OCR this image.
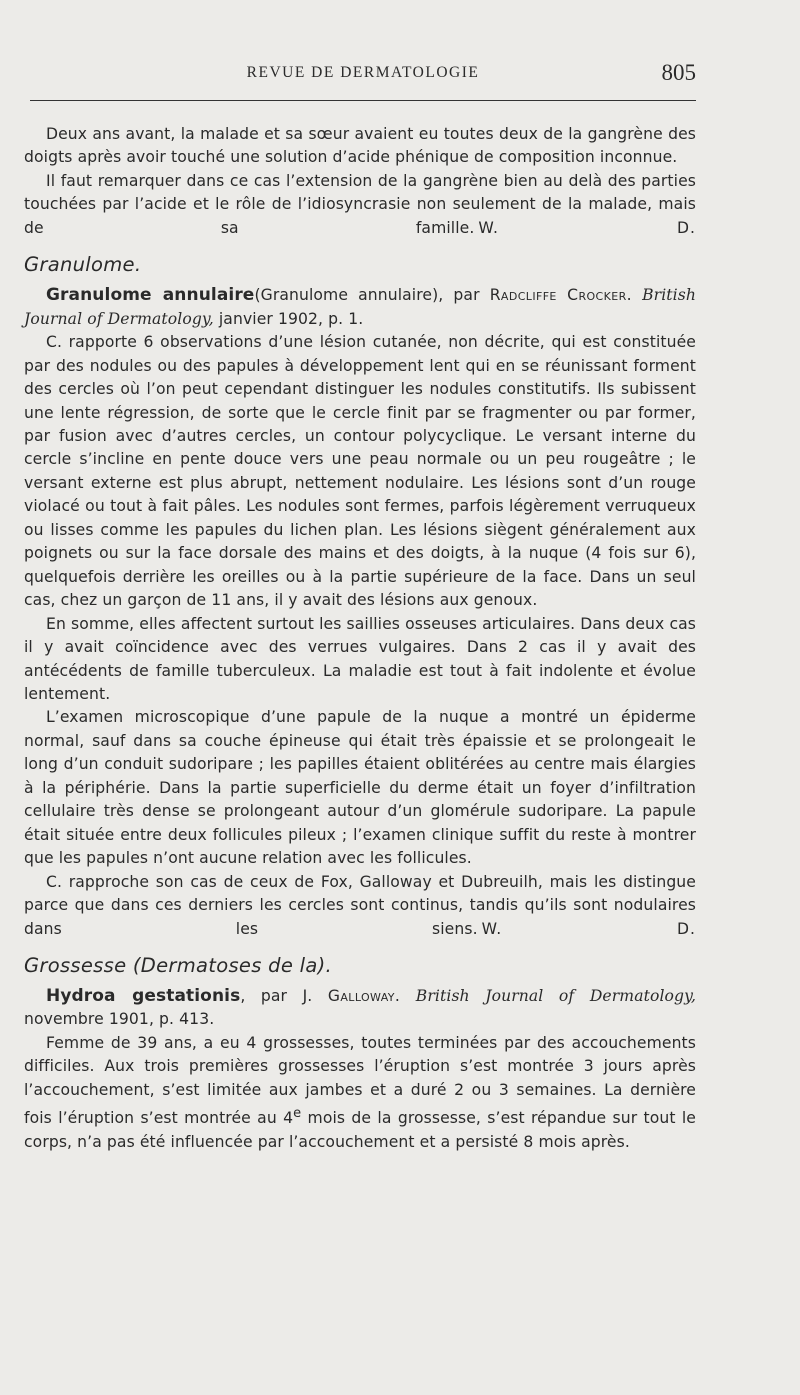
REVUE DE DERMATOLOGIE	805

Deux ans avant, la malade et sa sœur avaient eu toutes deux de la gangrène des doigts après avoir touché une solution d’acide phénique de composition inconnue.

Il faut remarquer dans ce cas l’extension de la gangrène bien au delà des parties touchées par l’acide et le rôle de l’idiosyncrasie non seulement de la malade, mais de sa famille. W. D.

Granulome.

Granulome annulaire(Granulome annulaire), par Radcliffe Crocker. British Journal of Dermatology, janvier 1902, p. 1.

C. rapporte 6 observations d’une lésion cutanée, non décrite, qui est constituée par des nodules ou des papules à développement lent qui en se réunissant forment des cercles où l’on peut cependant distinguer les nodules constitutifs. Ils subissent une lente régression, de sorte que le cercle finit par se fragmenter ou par former, par fusion avec d’autres cercles, un contour polycyclique. Le versant interne du cercle s’incline en pente douce vers une peau normale ou un peu rougeâtre ; le versant externe est plus abrupt, nettement nodulaire. Les lésions sont d’un rouge violacé ou tout à fait pâles. Les nodules sont fermes, parfois légèrement verruqueux ou lisses comme les papules du lichen plan. Les lésions siègent généralement aux poignets ou sur la face dorsale des mains et des doigts, à la nuque (4 fois sur 6), quelquefois derrière les oreilles ou à la partie supérieure de la face. Dans un seul cas, chez un garçon de 11 ans, il y avait des lésions aux genoux.

En somme, elles affectent surtout les saillies osseuses articulaires. Dans deux cas il y avait coïncidence avec des verrues vulgaires. Dans 2 cas il y avait des antécédents de famille tuberculeux. La maladie est tout à fait indolente et évolue lentement.

L’examen microscopique d’une papule de la nuque a montré un épiderme normal, sauf dans sa couche épineuse qui était très épaissie et se prolongeait le long d’un conduit sudoripare ; les papilles étaient oblitérées au centre mais élargies à la périphérie. Dans la partie superficielle du derme était un foyer d’infiltration cellulaire très dense se prolongeant autour d’un glomérule sudoripare. La papule était située entre deux follicules pileux ; l’examen clinique suffit du reste à montrer que les papules n’ont aucune relation avec les follicules.

C. rapproche son cas de ceux de Fox, Galloway et Dubreuilh, mais les distingue parce que dans ces derniers les cercles sont continus, tandis qu’ils sont nodulaires dans les siens. W. D.

Grossesse (Dermatoses de la).

Hydroa gestationis, par J. Galloway. British Journal of Dermatology, novembre 1901, p. 413.

Femme de 39 ans, a eu 4 grossesses, toutes terminées par des accouchements difficiles. Aux trois premières grossesses l’éruption s’est montrée 3 jours après l’accouchement, s’est limitée aux jambes et a duré 2 ou 3 semaines. La dernière fois l’éruption s’est montrée au 4e mois de la grossesse, s’est répandue sur tout le corps, n’a pas été influencée par l’accouchement et a persisté 8 mois après.
